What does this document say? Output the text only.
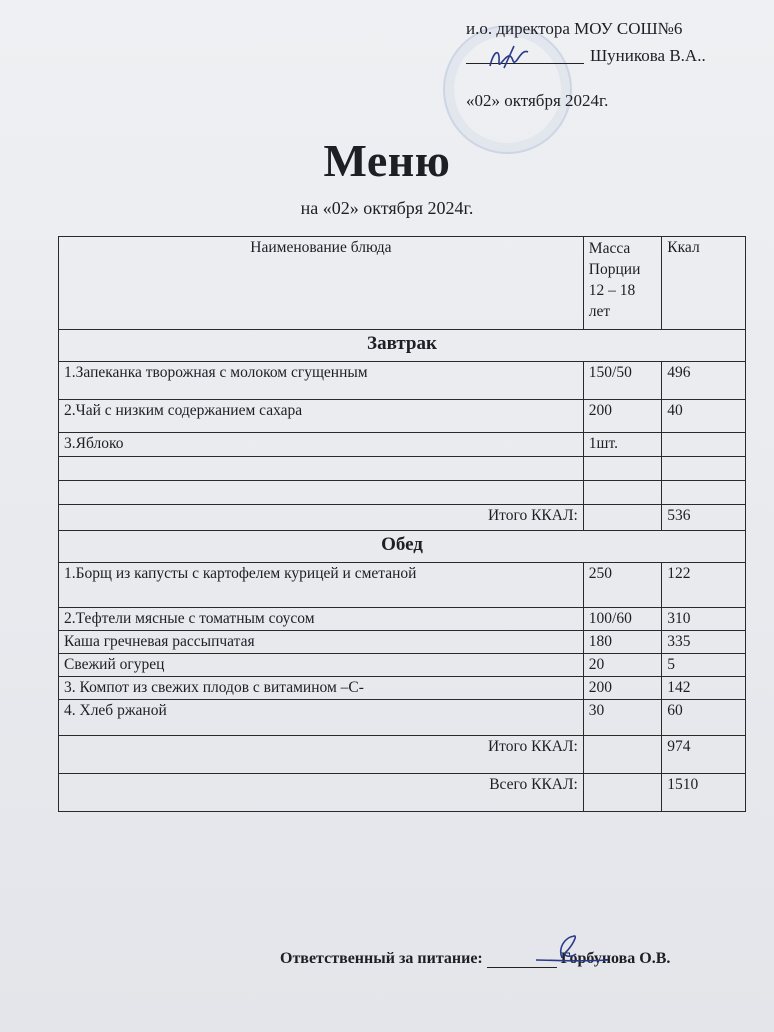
и.о. директора МОУ СОШ№6
Шуникова В.А..
«02» октября 2024г.
Меню
на «02» октября 2024г.
Наименование блюда	Масса Порции 12 – 18 лет	Ккал
Завтрак		
1.Запеканка творожная с молоком сгущенным	150/50	496
2.Чай с низким содержанием сахара	200	40
3.Яблоко	1шт.	

Итого ККАЛ:		536
Обед		
1.Борщ из капусты с картофелем курицей и сметаной	250	122
2.Тефтели мясные с томатным соусом	100/60	310
Каша гречневая рассыпчатая	180	335
Свежий огурец	20	5
3. Компот из свежих плодов с витамином –С-	200	142
4. Хлеб ржаной	30	60
Итого ККАЛ:		974
Всего ККАЛ:		1510
Ответственный за питание:	Горбунова О.В.
